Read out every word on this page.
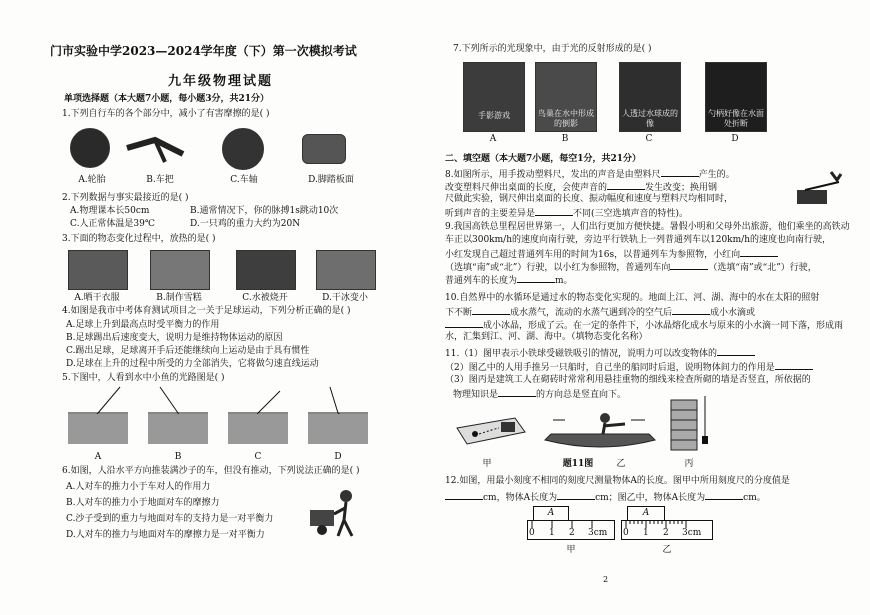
门市实验中学2023—2024学年度（下）第一次模拟考试
九年级物理试题
单项选择题（本大题7小题，每小题3分，共21分）
1.下列自行车的各个部分中，减小了有害摩擦的是( )
A.轮胎	B.车把	C.车轴	D.脚踏板面
2.下列数据与事实最接近的是( )
A.物理课本长50cm	B.通常情况下，你的脉搏1s跳动10次
C.人正常体温是39℃	D.一只鸡的重力大约为20N
3.下面的物态变化过程中，放热的是( )
A.晒干衣服	B.制作雪糕	C.水被烧开	D.干冰变小
4.如图是我市中考体育测试项目之一关于足球运动，下列分析正确的是( )
A.足球上升到最高点时受平衡力的作用
B.足球踢出后速度变大，说明力是维持物体运动的原因
C.踢出足球，足球离开手后还能继续向上运动是由于具有惯性
D.足球在上升的过程中所受的力全部消失，它将做匀速直线运动
5.下图中，人看到水中小鱼的光路图是( )
A	B	C	D
6.如图，人沿水平方向推装满沙子的车，但没有推动，下列说法正确的是( )
A.人对车的推力小于车对人的作用力
B.人对车的推力小于地面对车的摩擦力
C.沙子受到的重力与地面对车的支持力是一对平衡力
D.人对车的推力与地面对车的摩擦力是一对平衡力
7.下列所示的光现象中，由于光的反射形成的是( )
手影游戏	鸟巢在水中形成的倒影
人透过水球成的像
勺柄好像在水面处折断
A	B	C	D
二、填空题（本大题7小题，每空1分，共21分）
8.如图所示，用手拨动塑料尺，发出的声音是由塑料尺	产生的。
改变塑料尺伸出桌面的长度，会使声音的	发生改变；换用钢
尺做此实验，钢尺伸出桌面的长度、振动幅度和速度与塑料尺均相同时，
听到声音的主要差异是	不同(三空选填声音的特性)。
9.我国高铁总里程居世界第一，人们出行更加方便快捷。暑假小明和父母外出旅游，他们乘坐的高铁动
车正以300km/h的速度向南行驶，旁边平行铁轨上一列普通列车以120km/h的速度也向南行驶，
小红发现自己超过普通列车用的时间为16s，以普通列车为参照物，小红向
（选填“南”或“北”）行驶，以小红为参照物，普通列车向	（选填“南”或“北”）行驶，
普通列车的长度为	m。
10.自然界中的水循环是通过水的物态变化实现的。地面上江、河、湖、海中的水在太阳的照射
下不断	成水蒸气，流动的水蒸气遇到冷的空气后	成小水滴或
成小冰晶，形成了云。在一定的条件下，小冰晶熔化成水与原来的小水滴一同下落，形成雨
水，汇集到江、河、湖、海中。（填物态变化名称）
11.（1）图甲表示小铁球受磁铁吸引的情况，说明力可以改变物体的
（2）图乙中的人用手推另一只船时，自己坐的船同时后退，说明物体间力的作用是
（3）图丙是建筑工人在砌砖时常常利用悬挂重物的细线来检查所砌的墙是否竖直，所依据的
物理知识是	的方向总是竖直向下。
甲	题11图	乙	丙
12.如图，用最小刻度不相同的刻度尺测量物体A的长度。图甲中所用刻度尺的分度值是
cm，物体A长度为	cm；图乙中，物体A长度为	cm。
A
0 1 2 3cm
甲
A
0 1 2 3cm
乙
2
